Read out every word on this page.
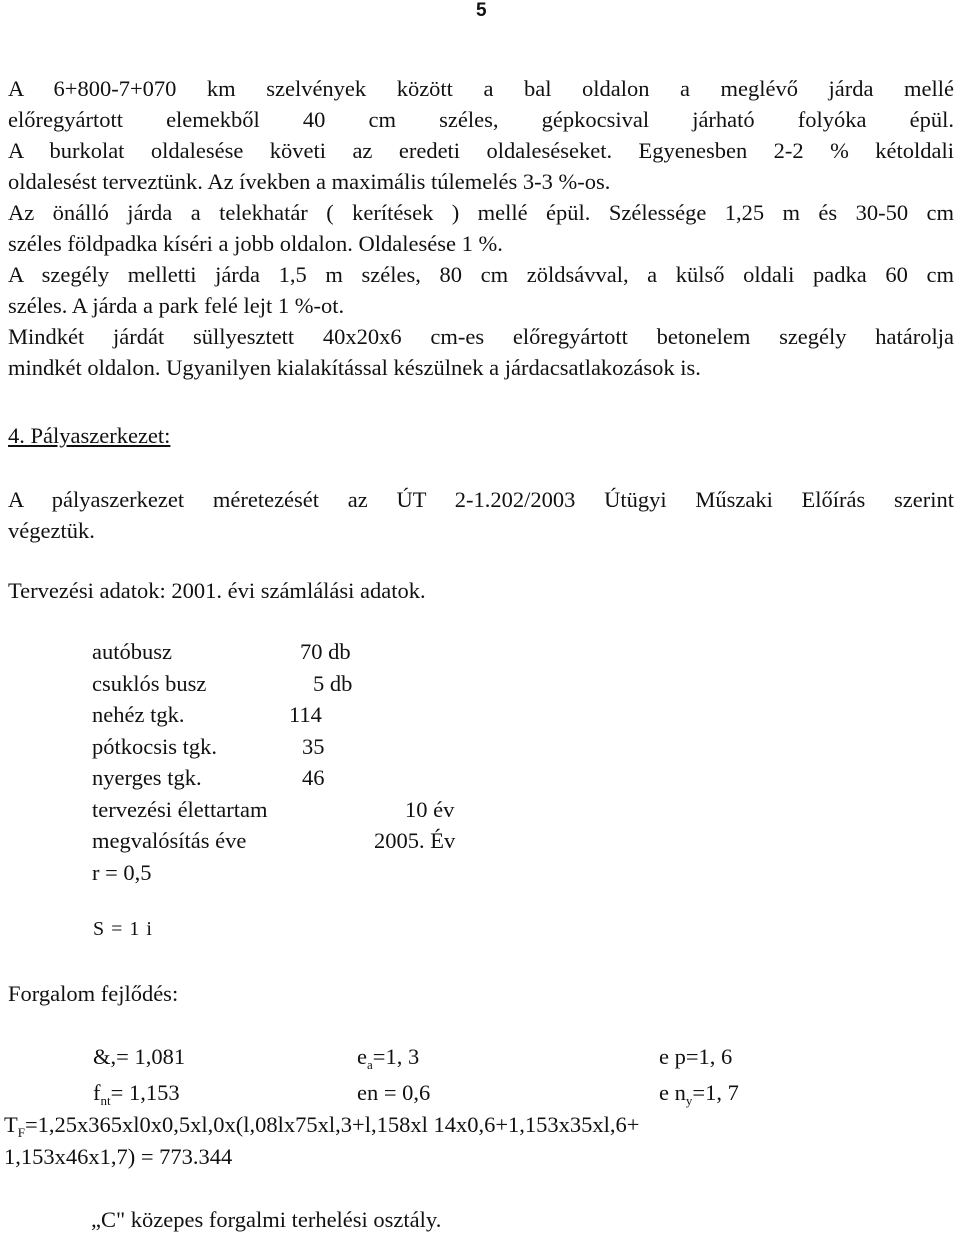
5
A 6+800-7+070 km szelvények között a bal oldalon a meglévő járda mellé
előregyártott elemekből 40 cm széles, gépkocsival járható folyóka épül.
A burkolat oldalesése követi az eredeti oldaleséseket. Egyenesben 2-2 % kétoldali
oldalesést terveztünk. Az ívekben a maximális túlemelés 3-3 %-os.
Az önálló járda a telekhatár ( kerítések ) mellé épül. Szélessége 1,25 m és 30-50 cm
széles földpadka kíséri a jobb oldalon. Oldalesése 1 %.
A szegély melletti járda 1,5 m széles, 80 cm zöldsávval, a külső oldali padka 60 cm
széles. A járda a park felé lejt 1 %-ot.
Mindkét járdát süllyesztett 40x20x6 cm-es előregyártott betonelem szegély határolja
mindkét oldalon. Ugyanilyen kialakítással készülnek a járdacsatlakozások is.
4. Pályaszerkezet:
A pályaszerkezet méretezését az ÚT 2-1.202/2003 Útügyi Műszaki Előírás szerint
végeztük.
Tervezési adatok: 2001. évi számlálási adatok.
autóbusz	70 db
csuklós busz	5 db
nehéz tgk.	114
pótkocsis tgk.	35
nyerges tgk.	46
tervezési élettartam	10 év
megvalósítás éve	2005. Év
r = 0,5
S = 1 i
Forgalom fejlődés:
&,= 1,081	$e_a=1$, 3	e p=1, 6
$f_{nt}= 1,153$	en = 0,6	e $n_y=1$, 7
$T_F=1,25x365xl0x0,5xl,0x(l,08lx75xl,3+l,158xl$ 14x0,6+1,153x35xl,6+
1,153x46x1,7) = 773.344
„C" közepes forgalmi terhelési osztály.
